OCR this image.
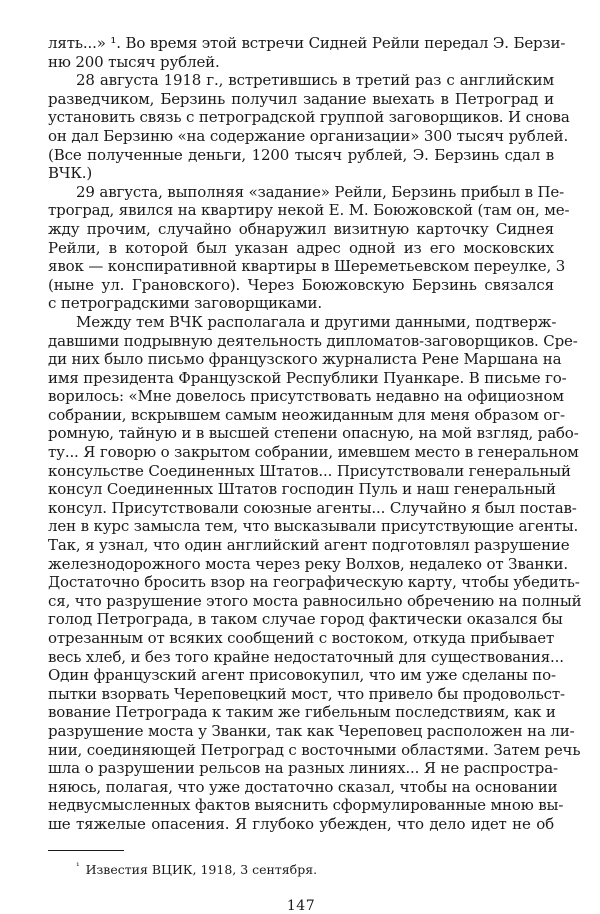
лять...» ¹. Во время этой встречи Сидней Рейли передал Э. Берзи-
ню 200 тысяч рублей.
28 августа 1918 г., встретившись в третий раз с английским
разведчиком, Берзинь получил задание выехать в Петроград и
установить связь с петроградской группой заговорщиков. И снова
он дал Берзиню «на содержание организации» 300 тысяч рублей.
(Все полученные деньги, 1200 тысяч рублей, Э. Берзинь сдал в
ВЧК.)
29 августа, выполняя «задание» Рейли, Берзинь прибыл в Пе-
троград, явился на квартиру некой Е. М. Боюжовской (там он, ме-
жду прочим, случайно обнаружил визитную карточку Сиднея
Рейли, в которой был указан адрес одной из его московских
явок — конспиративной квартиры в Шереметьевском переулке, 3
(ныне ул. Грановского). Через Боюжовскую Берзинь связался
с петроградскими заговорщиками.
Между тем ВЧК располагала и другими данными, подтверж-
давшими подрывную деятельность дипломатов-заговорщиков. Сре-
ди них было письмо французского журналиста Рене Маршана на
имя президента Французской Республики Пуанкаре. В письме го-
ворилось: «Мне довелось присутствовать недавно на официозном
собрании, вскрывшем самым неожиданным для меня образом ог-
ромную, тайную и в высшей степени опасную, на мой взгляд, рабо-
ту... Я говорю о закрытом собрании, имевшем место в генеральном
консульстве Соединенных Штатов... Присутствовали генеральный
консул Соединенных Штатов господин Пуль и наш генеральный
консул. Присутствовали союзные агенты... Случайно я был постав-
лен в курс замысла тем, что высказывали присутствующие агенты.
Так, я узнал, что один английский агент подготовлял разрушение
железнодорожного моста через реку Волхов, недалеко от Званки.
Достаточно бросить взор на географическую карту, чтобы убедить-
ся, что разрушение этого моста равносильно обречению на полный
голод Петрограда, в таком случае город фактически оказался бы
отрезанным от всяких сообщений с востоком, откуда прибывает
весь хлеб, и без того крайне недостаточный для существования...
Один французский агент присовокупил, что им уже сделаны по-
пытки взорвать Череповецкий мост, что привело бы продовольст-
вование Петрограда к таким же гибельным последствиям, как и
разрушение моста у Званки, так как Череповец расположен на ли-
нии, соединяющей Петроград с восточными областями. Затем речь
шла о разрушении рельсов на разных линиях... Я не распростра-
няюсь, полагая, что уже достаточно сказал, чтобы на основании
недвусмысленных фактов выяснить сформулированные мною вы-
ше тяжелые опасения. Я глубоко убежден, что дело идет не об
$^{^1}$ Известия ВЦИК, 1918, 3 сентября.
147
